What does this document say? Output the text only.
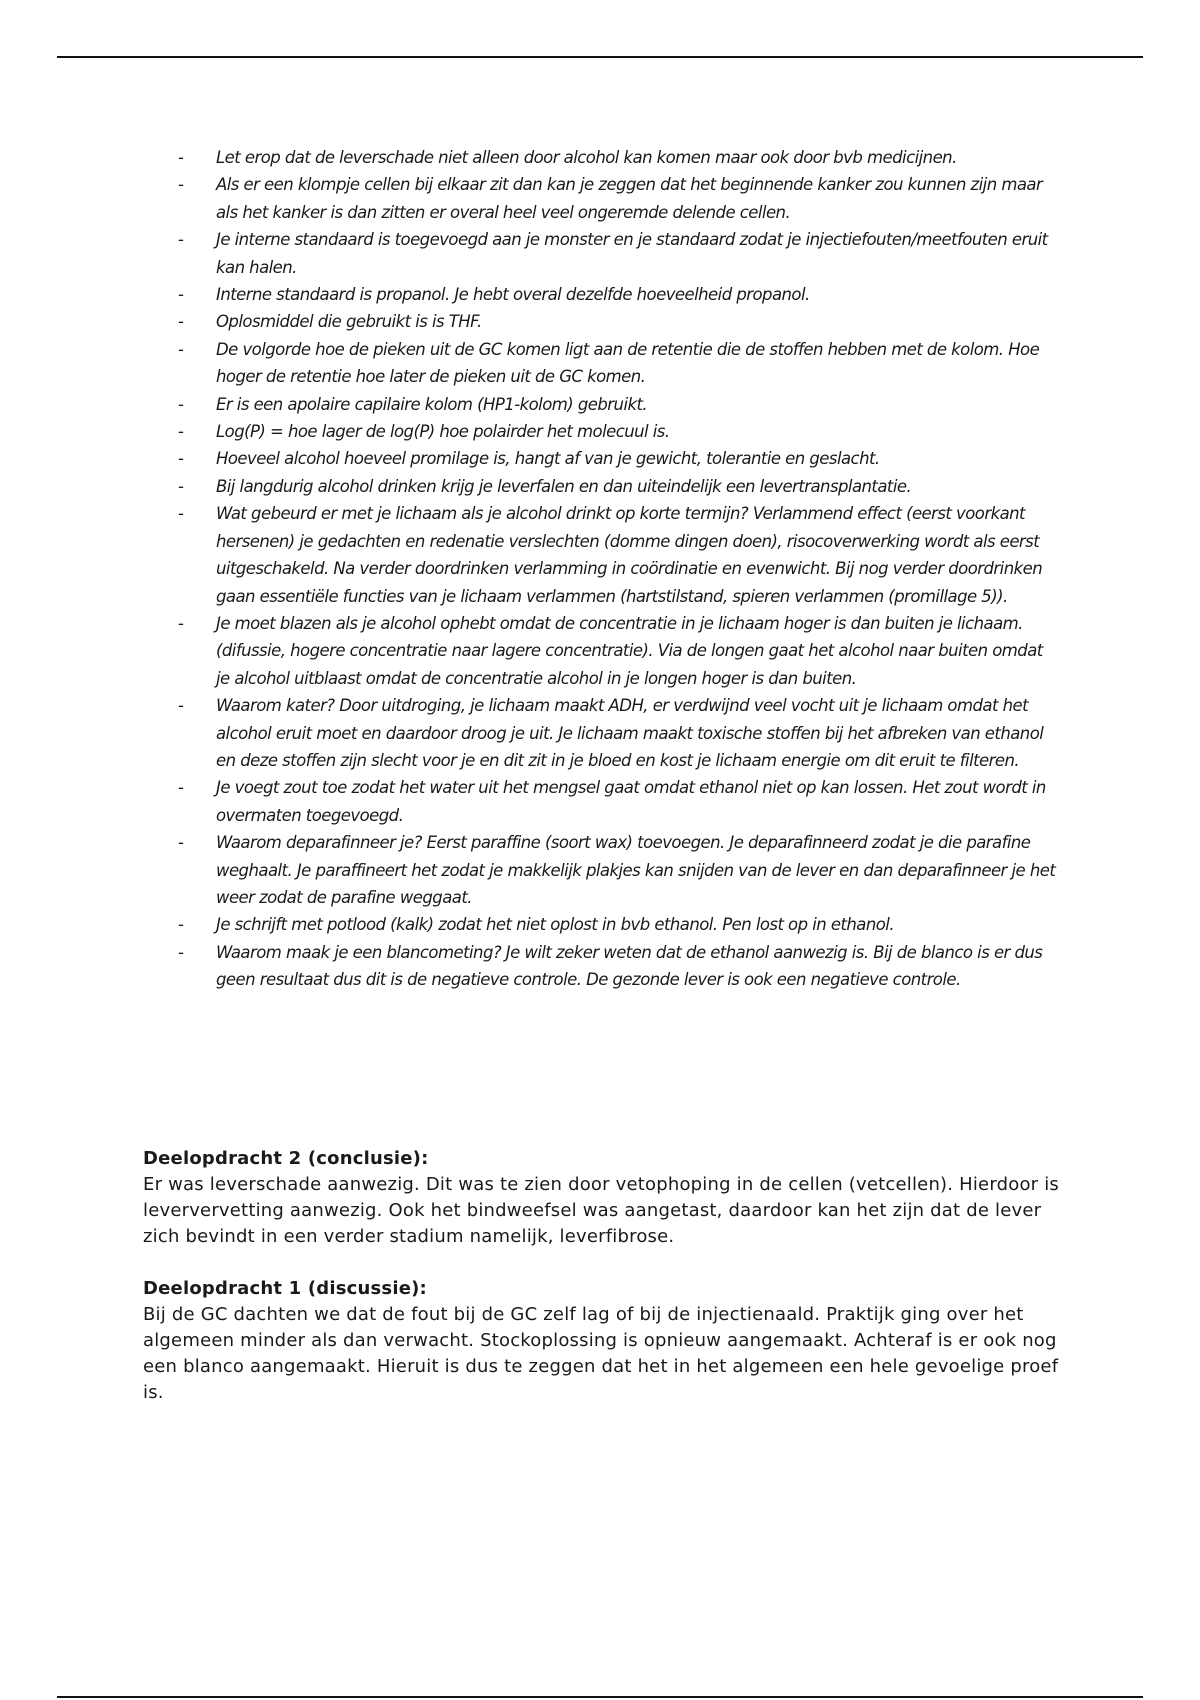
- Let erop dat de leverschade niet alleen door alcohol kan komen maar ook door bvb medicijnen.
- Als er een klompje cellen bij elkaar zit dan kan je zeggen dat het beginnende kanker zou kunnen zijn maar als het kanker is dan zitten er overal heel veel ongeremde delende cellen.
- Je interne standaard is toegevoegd aan je monster en je standaard zodat je injectiefouten/meetfouten eruit kan halen.
- Interne standaard is propanol. Je hebt overal dezelfde hoeveelheid propanol.
- Oplosmiddel die gebruikt is is THF.
- De volgorde hoe de pieken uit de GC komen ligt aan de retentie die de stoffen hebben met de kolom. Hoe hoger de retentie hoe later de pieken uit de GC komen.
- Er is een apolaire capilaire kolom (HP1-kolom) gebruikt.
- Log(P) = hoe lager de log(P) hoe polairder het molecuul is.
- Hoeveel alcohol hoeveel promilage is, hangt af van je gewicht, tolerantie en geslacht.
- Bij langdurig alcohol drinken krijg je leverfalen en dan uiteindelijk een levertransplantatie.
- Wat gebeurd er met je lichaam als je alcohol drinkt op korte termijn? Verlammend effect (eerst voorkant hersenen) je gedachten en redenatie verslechten (domme dingen doen), risocoverwerking wordt als eerst uitgeschakeld. Na verder doordrinken verlamming in coördinatie en evenwicht. Bij nog verder doordrinken gaan essentiële functies van je lichaam verlammen (hartstilstand, spieren verlammen (promillage 5)).
- Je moet blazen als je alcohol ophebt omdat de concentratie in je lichaam hoger is dan buiten je lichaam. (difussie, hogere concentratie naar lagere concentratie). Via de longen gaat het alcohol naar buiten omdat je alcohol uitblaast omdat de concentratie alcohol in je longen hoger is dan buiten.
- Waarom kater? Door uitdroging, je lichaam maakt ADH, er verdwijnd veel vocht uit je lichaam omdat het alcohol eruit moet en daardoor droog je uit. Je lichaam maakt toxische stoffen bij het afbreken van ethanol en deze stoffen zijn slecht voor je en dit zit in je bloed en kost je lichaam energie om dit eruit te filteren.
- Je voegt zout toe zodat het water uit het mengsel gaat omdat ethanol niet op kan lossen. Het zout wordt in overmaten toegevoegd.
- Waarom deparafinneer je? Eerst paraffine (soort wax) toevoegen. Je deparafinneerd zodat je die parafine weghaalt. Je paraffineert het zodat je makkelijk plakjes kan snijden van de lever en dan deparafinneer je het weer zodat de parafine weggaat.
- Je schrijft met potlood (kalk) zodat het niet oplost in bvb ethanol. Pen lost op in ethanol.
- Waarom maak je een blancometing? Je wilt zeker weten dat de ethanol aanwezig is. Bij de blanco is er dus geen resultaat dus dit is de negatieve controle. De gezonde lever is ook een negatieve controle.
Deelopdracht 2 (conclusie):

Er was leverschade aanwezig. Dit was te zien door vetophoping in de cellen (vetcellen). Hierdoor is leververvetting aanwezig. Ook het bindweefsel was aangetast, daardoor kan het zijn dat de lever zich bevindt in een verder stadium namelijk, leverfibrose.

Deelopdracht 1 (discussie):

Bij de GC dachten we dat de fout bij de GC zelf lag of bij de injectienaald. Praktijk ging over het algemeen minder als dan verwacht. Stockoplossing is opnieuw aangemaakt. Achteraf is er ook nog een blanco aangemaakt. Hieruit is dus te zeggen dat het in het algemeen een hele gevoelige proef is.
